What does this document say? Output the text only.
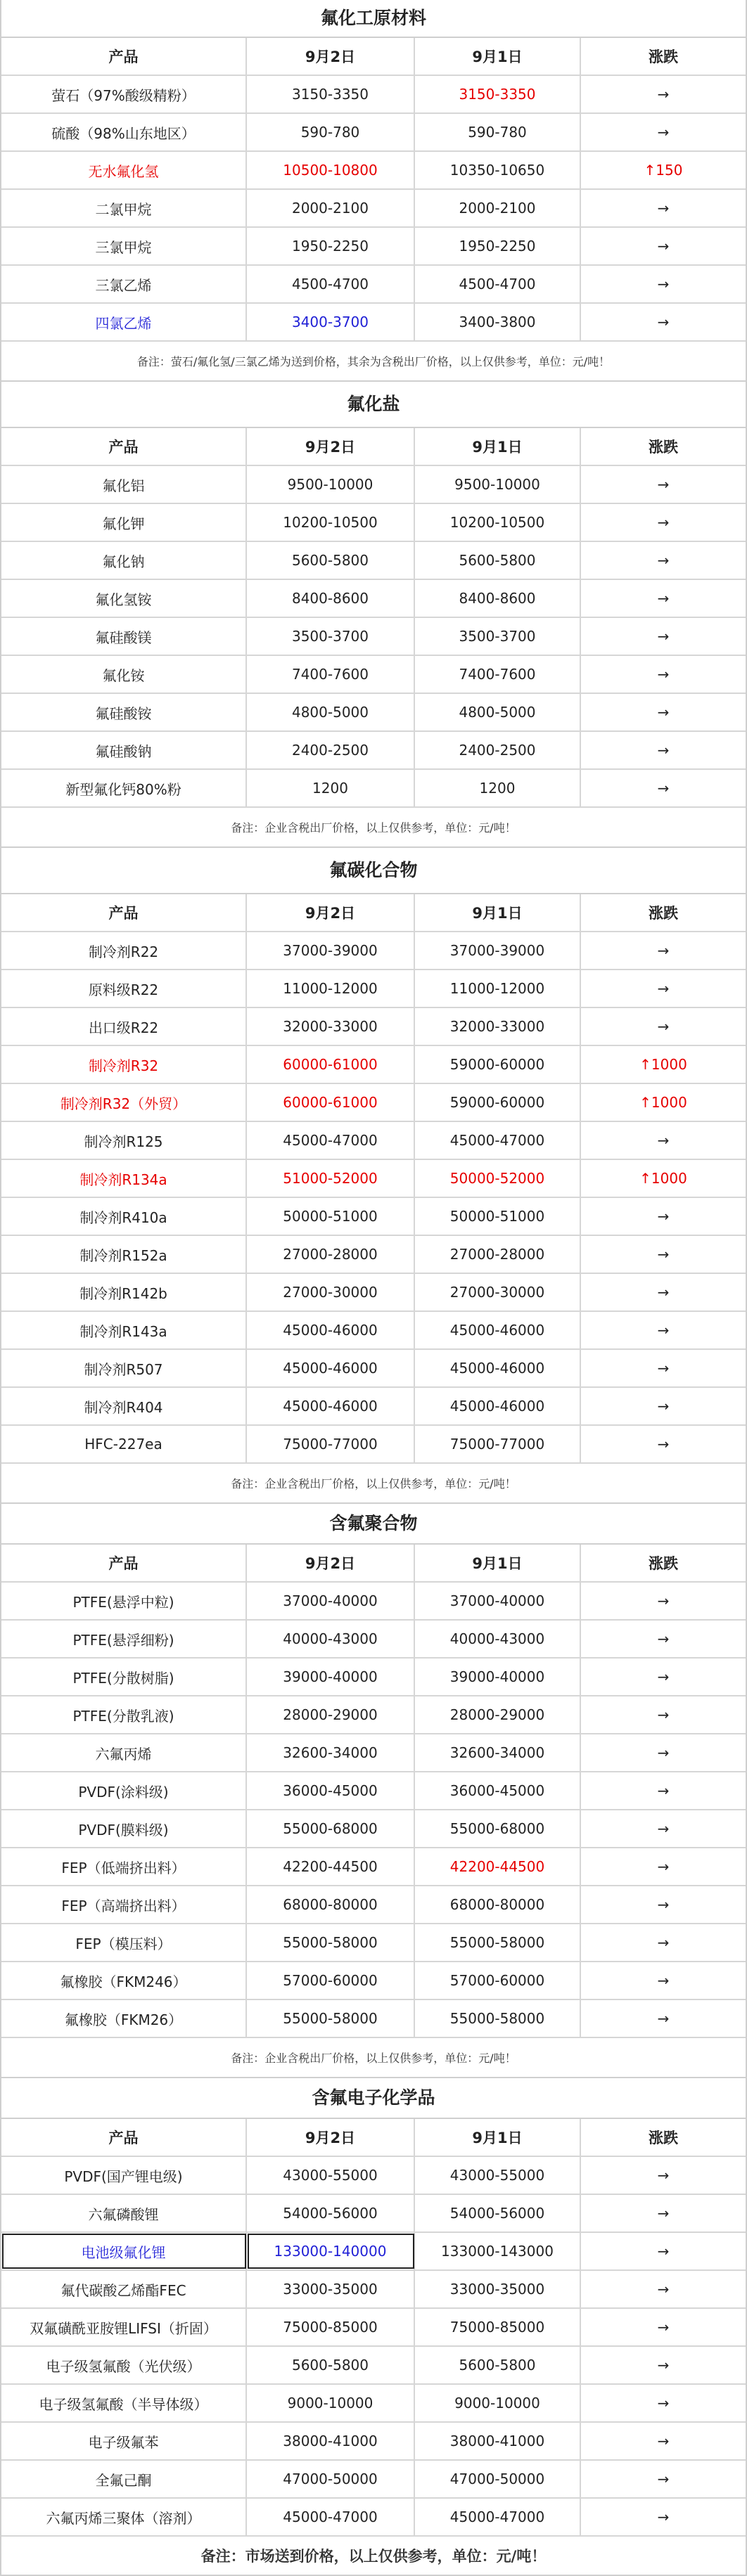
氟化工原材料
产品	9月2日	9月1日	涨跌
萤石（97%酸级精粉）	3150-3350	3150-3350	→
硫酸（98%山东地区）	590-780	590-780	→
无水氟化氢	10500-10800	10350-10650	↑150
二氯甲烷	2000-2100	2000-2100	→
三氯甲烷	1950-2250	1950-2250	→
三氯乙烯	4500-4700	4500-4700	→
四氯乙烯	3400-3700	3400-3800	→
备注：萤石/氟化氢/三氯乙烯为送到价格，其余为含税出厂价格，以上仅供参考，单位：元/吨！
氟化盐
产品	9月2日	9月1日	涨跌
氟化铝	9500-10000	9500-10000	→
氟化钾	10200-10500	10200-10500	→
氟化钠	5600-5800	5600-5800	→
氟化氢铵	8400-8600	8400-8600	→
氟硅酸镁	3500-3700	3500-3700	→
氟化铵	7400-7600	7400-7600	→
氟硅酸铵	4800-5000	4800-5000	→
氟硅酸钠	2400-2500	2400-2500	→
新型氟化钙80%粉	1200	1200	→
备注：企业含税出厂价格，以上仅供参考，单位：元/吨！
氟碳化合物
产品	9月2日	9月1日	涨跌
制冷剂R22	37000-39000	37000-39000	→
原料级R22	11000-12000	11000-12000	→
出口级R22	32000-33000	32000-33000	→
制冷剂R32	60000-61000	59000-60000	↑1000
制冷剂R32（外贸）	60000-61000	59000-60000	↑1000
制冷剂R125	45000-47000	45000-47000	→
制冷剂R134a	51000-52000	50000-52000	↑1000
制冷剂R410a	50000-51000	50000-51000	→
制冷剂R152a	27000-28000	27000-28000	→
制冷剂R142b	27000-30000	27000-30000	→
制冷剂R143a	45000-46000	45000-46000	→
制冷剂R507	45000-46000	45000-46000	→
制冷剂R404	45000-46000	45000-46000	→
HFC-227ea	75000-77000	75000-77000	→
备注：企业含税出厂价格，以上仅供参考，单位：元/吨！
含氟聚合物
产品	9月2日	9月1日	涨跌
PTFE(悬浮中粒)	37000-40000	37000-40000	→
PTFE(悬浮细粉)	40000-43000	40000-43000	→
PTFE(分散树脂)	39000-40000	39000-40000	→
PTFE(分散乳液)	28000-29000	28000-29000	→
六氟丙烯	32600-34000	32600-34000	→
PVDF(涂料级)	36000-45000	36000-45000	→
PVDF(膜料级)	55000-68000	55000-68000	→
FEP（低端挤出料）	42200-44500	42200-44500	→
FEP（高端挤出料）	68000-80000	68000-80000	→
FEP（模压料）	55000-58000	55000-58000	→
氟橡胶（FKM246）	57000-60000	57000-60000	→
氟橡胶（FKM26）	55000-58000	55000-58000	→
备注：企业含税出厂价格，以上仅供参考，单位：元/吨！
含氟电子化学品
产品	9月2日	9月1日	涨跌
PVDF(国产锂电级)	43000-55000	43000-55000	→
六氟磷酸锂	54000-56000	54000-56000	→
电池级氟化锂	133000-140000	133000-143000	→
氟代碳酸乙烯酯FEC	33000-35000	33000-35000	→
双氟磺酰亚胺锂LIFSI（折固）	75000-85000	75000-85000	→
电子级氢氟酸（光伏级）	5600-5800	5600-5800	→
电子级氢氟酸（半导体级）	9000-10000	9000-10000	→
电子级氟苯	38000-41000	38000-41000	→
全氟己酮	47000-50000	47000-50000	→
六氟丙烯三聚体（溶剂）	45000-47000	45000-47000	→
备注：市场送到价格，以上仅供参考，单位：元/吨！
